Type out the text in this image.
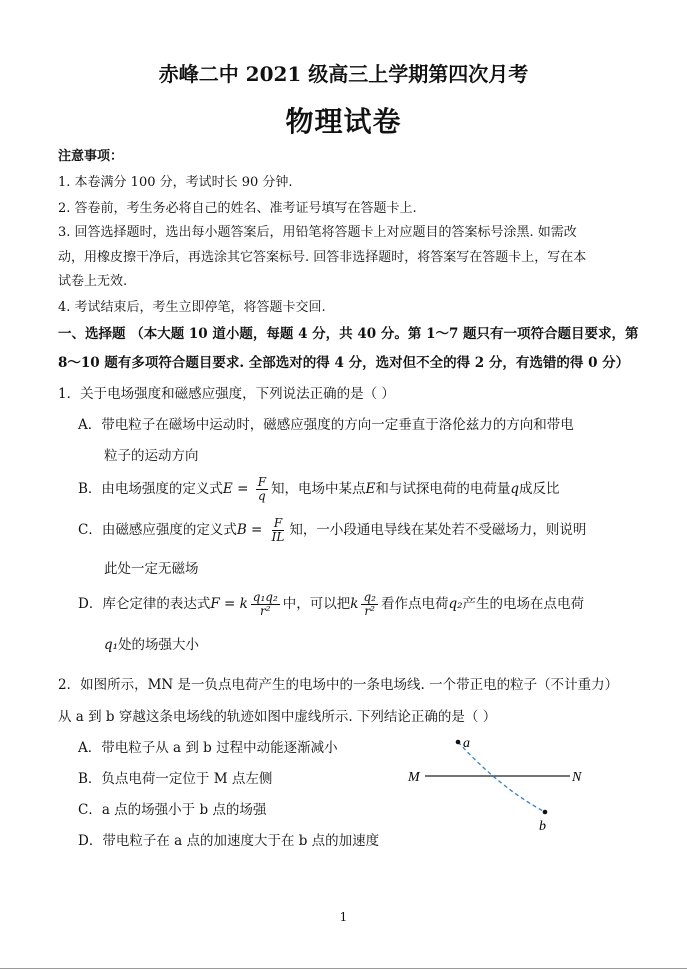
赤峰二中 2021 级高三上学期第四次月考
物理试卷
注意事项：
1. 本卷满分 100 分，考试时长 90 分钟.
2. 答卷前，考生务必将自己的姓名、准考证号填写在答题卡上.
3. 回答选择题时，选出每小题答案后，用铅笔将答题卡上对应题目的答案标号涂黑. 如需改
动，用橡皮擦干净后，再选涂其它答案标号. 回答非选择题时，将答案写在答题卡上，写在本
试卷上无效.
4. 考试结束后，考生立即停笔，将答题卡交回.
一、选择题 （本大题 10 道小题，每题 4 分，共 40 分。第 1～7 题只有一项符合题目要求，第
8～10 题有多项符合题目要求. 全部选对的得 4 分，选对但不全的得 2 分，有选错的得 0 分）
1．关于电场强度和磁感应强度，下列说法正确的是（ ）
A．带电粒子在磁场中运动时，磁感应强度的方向一定垂直于洛伦兹力的方向和带电
粒子的运动方向
B．由电场强度的定义式$E = \frac{F}{q}$ 知，电场中某点E和与试探电荷的电荷量q成反比
C．由磁感应强度的定义式$B = \frac{F}{IL}$ 知，一小段通电导线在某处若不受磁场力，则说明
此处一定无磁场
D．库仑定律的表达式F = k $\frac{\text{q₁q₂}}{\text{r²}}$ 中，可以把k $\frac{\text{q₂}}{\text{r²}}$ 看作点电荷q₂产生的电场在点电荷
q₁处的场强大小
2．如图所示，MN 是一负点电荷产生的电场中的一条电场线. 一个带正电的粒子（不计重力）
从 a 到 b 穿越这条电场线的轨迹如图中虚线所示. 下列结论正确的是（ ）
A．带电粒子从 a 到 b 过程中动能逐渐减小
B．负点电荷一定位于 M 点左侧
C．a 点的场强小于 b 点的场强
D．带电粒子在 a 点的加速度大于在 b 点的加速度
a
b
M	N
1
